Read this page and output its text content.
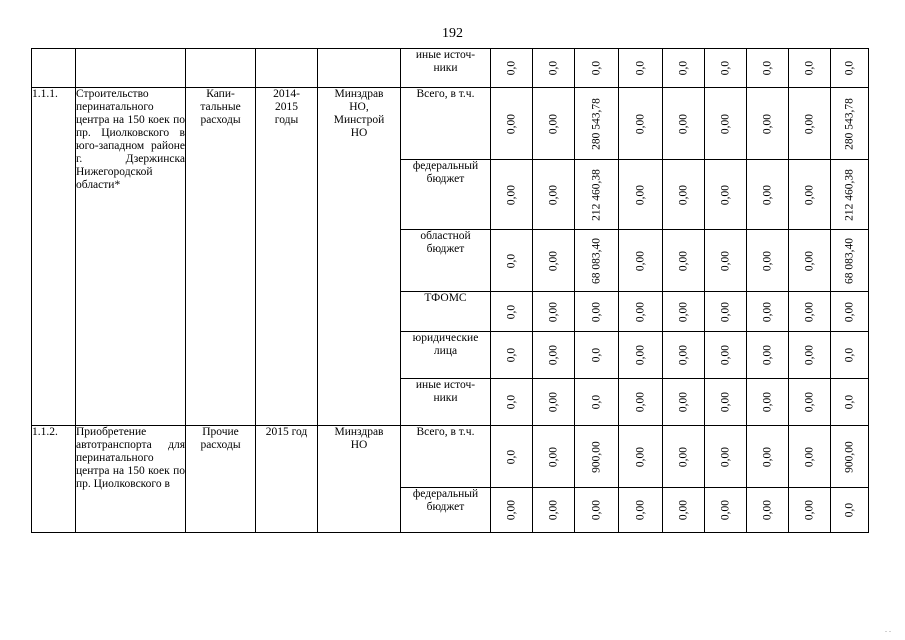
192
					иные источ-
ники	0,0	0,0	0,0	0,0	0,0	0,0	0,0	0,0	0,0

1.1.1.	Строительство перинатального центра на 150 коек по пр. Циолковского в юго-западном районе г. Дзержинска Нижегородской области*	Капи-
тальные
расходы	2014-
2015
годы	Минздрав
НО,
Минстрой
НО	Всего, в т.ч.	0,00	0,00	280 543,78	0,00	0,00	0,00	0,00	0,00	280 543,78

					федеральный бюджет	0,00	0,00	212 460,38	0,00	0,00	0,00	0,00	0,00	212 460,38

					областной бюджет	0,0	0,00	68 083,40	0,00	0,00	0,00	0,00	0,00	68 083,40

					ТФОМС	0,0	0,00	0,00	0,00	0,00	0,00	0,00	0,00	0,00

					юридические лица	0,0	0,00	0,0	0,00	0,00	0,00	0,00	0,00	0,0

					иные источ-
ники	0,0	0,00	0,0	0,00	0,00	0,00	0,00	0,00	0,0

1.1.2.	Приобретение автотранспорта для перинатального центра на 150 коек по пр. Циолковского в	Прочие
расходы	2015 год	Минздрав
НО	Всего, в т.ч.	0,0	0,00	900,00	0,00	0,00	0,00	0,00	0,00	900,00

					федеральный бюджет	0,00	0,00	0,00	0,00	0,00	0,00	0,00	0,00	0,0
. .
